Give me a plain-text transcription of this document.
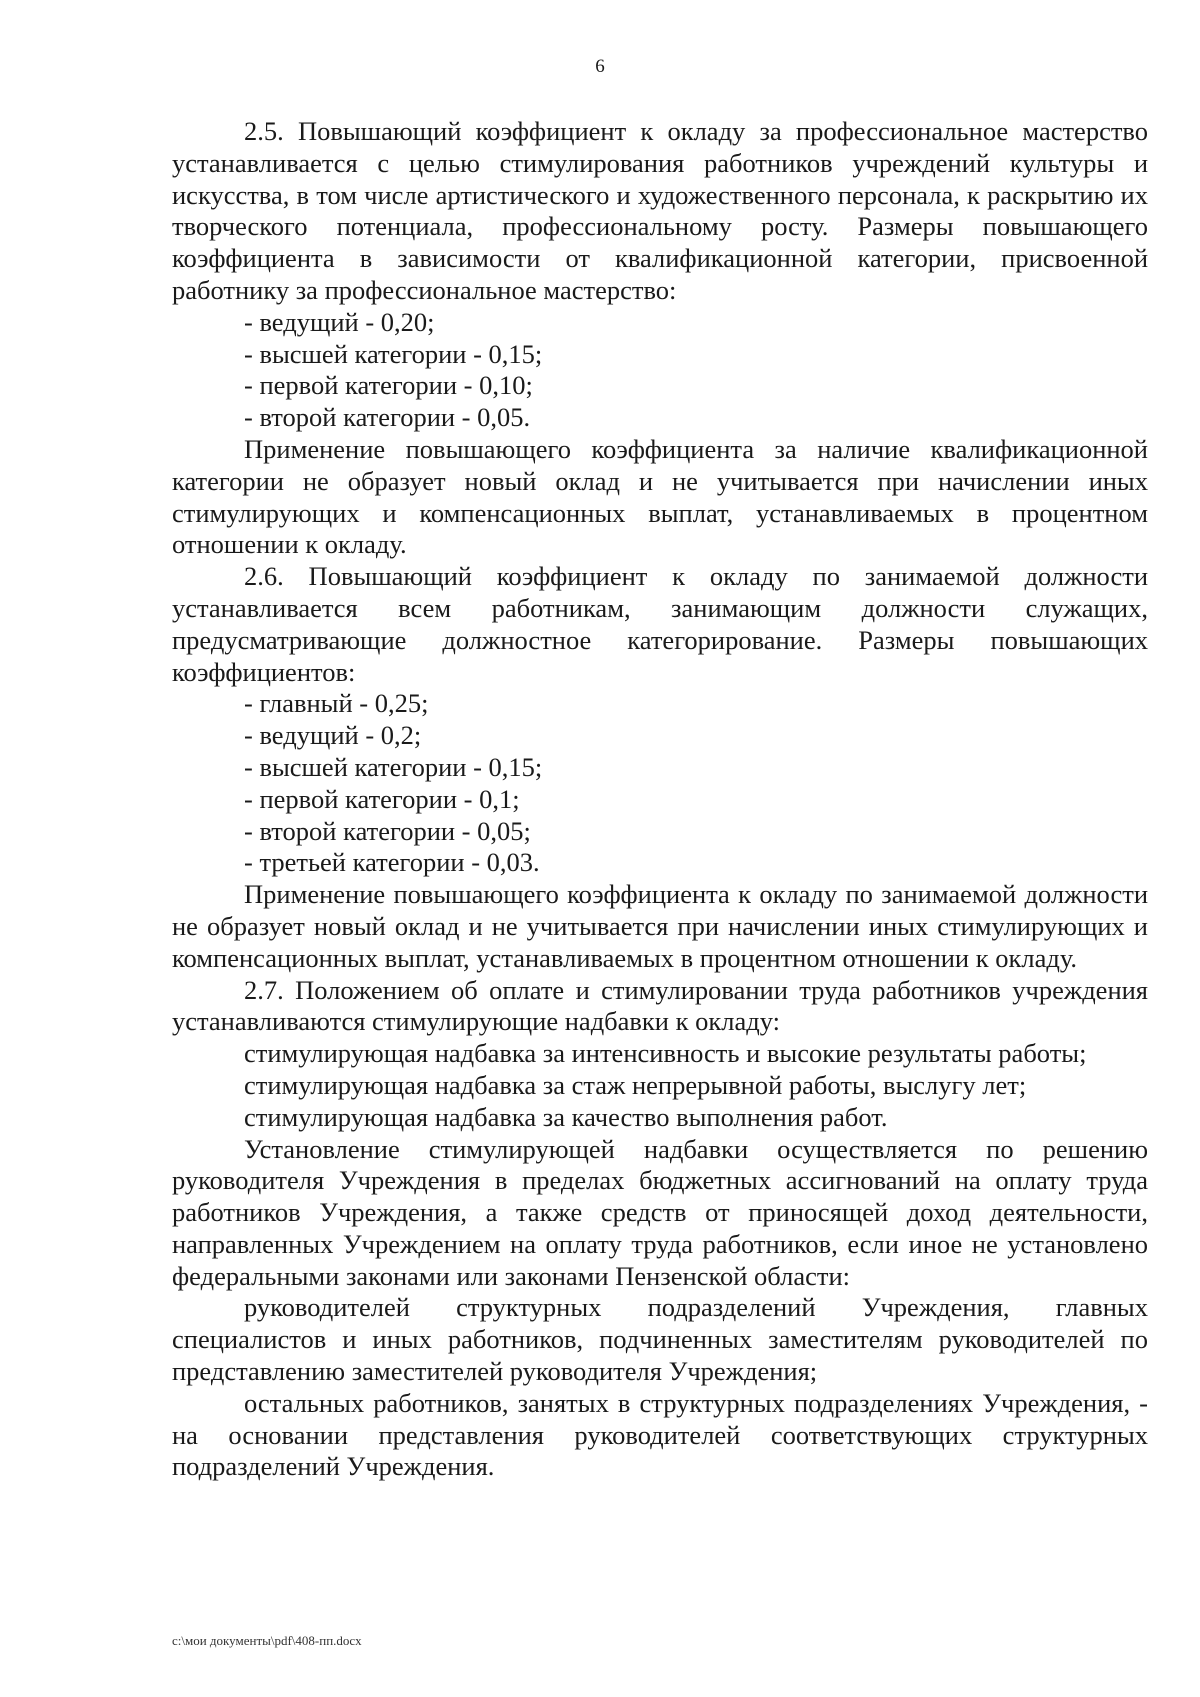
6

2.5. Повышающий коэффициент к окладу за профессиональное мастерство устанавливается с целью стимулирования работников учреждений культуры и искусства, в том числе артистического и художественного персонала, к раскрытию их творческого потенциала, профессиональному росту. Размеры повышающего коэффициента в зависимости от квалификационной категории, присвоенной работнику за профессиональное мастерство:

- ведущий - 0,20;

- высшей категории - 0,15;

- первой категории - 0,10;

- второй категории - 0,05.

Применение повышающего коэффициента за наличие квалификационной категории не образует новый оклад и не учитывается при начислении иных стимулирующих и компенсационных выплат, устанавливаемых в процентном отношении к окладу.

2.6. Повышающий коэффициент к окладу по занимаемой должности устанавливается всем работникам, занимающим должности служащих, предусматривающие должностное категорирование. Размеры повышающих коэффициентов:

- главный - 0,25;

- ведущий - 0,2;

- высшей категории - 0,15;

- первой категории - 0,1;

- второй категории - 0,05;

- третьей категории - 0,03.

Применение повышающего коэффициента к окладу по занимаемой должности не образует новый оклад и не учитывается при начислении иных стимулирующих и компенсационных выплат, устанавливаемых в процентном отношении к окладу.

2.7. Положением об оплате и стимулировании труда работников учреждения устанавливаются стимулирующие надбавки к окладу:

стимулирующая надбавка за интенсивность и высокие результаты работы;

стимулирующая надбавка за стаж непрерывной работы, выслугу лет;

стимулирующая надбавка за качество выполнения работ.

Установление стимулирующей надбавки осуществляется по решению руководителя Учреждения в пределах бюджетных ассигнований на оплату труда работников Учреждения, а также средств от приносящей доход деятельности, направленных Учреждением на оплату труда работников, если иное не установлено федеральными законами или законами Пензенской области:

руководителей структурных подразделений Учреждения, главных специалистов и иных работников, подчиненных заместителям руководителей по представлению заместителей руководителя Учреждения;

остальных работников, занятых в структурных подразделениях Учреждения, - на основании представления руководителей соответствующих структурных подразделений Учреждения.

c:\мои документы\pdf\408-пп.docx
